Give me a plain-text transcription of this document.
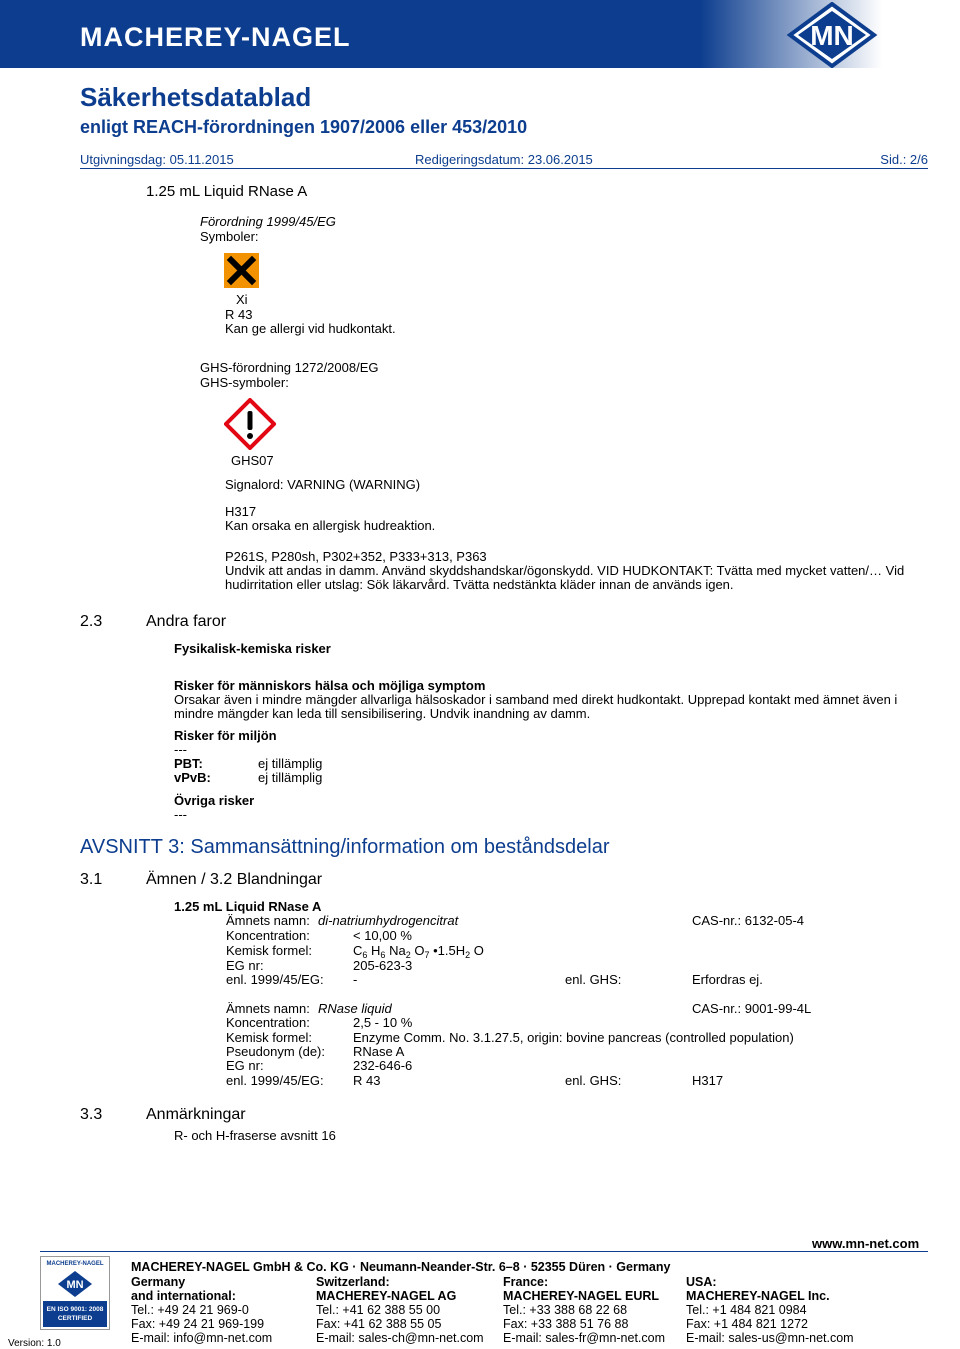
MACHEREY-NAGEL	MN
Säkerhetsdatablad
enligt REACH-förordningen 1907/2006 eller 453/2010
Utgivningsdag: 05.11.2015	Redigeringsdatum: 23.06.2015	Sid.: 2/6
1.25 mL Liquid RNase A
Förordning 1999/45/EG
Symboler:
Xi
R 43
Kan ge allergi vid hudkontakt.
GHS-förordning 1272/2008/EG
GHS-symboler:
GHS07
Signalord: VARNING (WARNING)
H317
Kan orsaka en allergisk hudreaktion.
P261S, P280sh, P302+352, P333+313, P363
Undvik att andas in damm. Använd skyddshandskar/ögonskydd. VID HUDKONTAKT: Tvätta med mycket vatten/… Vid
hudirritation eller utslag: Sök läkarvård. Tvätta nedstänkta kläder innan de används igen.
2.3	Andra faror
Fysikalisk-kemiska risker
Risker för människors hälsa och möjliga symptom
Orsakar även i mindre mängder allvarliga hälsoskador i samband med direkt hudkontakt. Upprepad kontakt med ämnet även i
mindre mängder kan leda till sensibilisering. Undvik inandning av damm.
Risker för miljön
---
PBT:	ej tillämplig
vPvB:	ej tillämplig
Övriga risker
---
AVSNITT 3: Sammansättning/information om beståndsdelar
3.1	Ämnen / 3.2 Blandningar
1.25 mL Liquid RNase A
Ämnets namn: di-natriumhydrogencitrat	CAS-nr.: 6132-05-4
Koncentration:	< 10,00 %
Kemisk formel:	$C_6$ $H_6$ $Na_2$ $O_7$ $•1.5H_2$ O
EG nr:	205-623-3
enl. 1999/45/EG: -	enl. GHS:	Erfordras ej.
Ämnets namn: RNase liquid	CAS-nr.: 9001-99-4L
Koncentration:	2,5 - 10 %
Kemisk formel:	Enzyme Comm. No. 3.1.27.5, origin: bovine pancreas (controlled population)
Pseudonym (de): RNase A
EG nr:	232-646-6
enl. 1999/45/EG: R 43	enl. GHS:	H317
3.3	Anmärkningar
R- och H-fraserse avsnitt 16
www.mn-net.com
MACHEREY-NAGEL
MN
EN ISO 9001: 2008
CERTIFIED
Version: 1.0
MACHEREY-NAGEL GmbH & Co. KG · Neumann-Neander-Str. 6–8 · 52355 Düren · Germany
Germany
and international:
Tel.: +49 24 21 969-0
Fax: +49 24 21 969-199
E-mail: info@mn-net.com
Switzerland:
MACHEREY-NAGEL AG
Tel.: +41 62 388 55 00
Fax: +41 62 388 55 05
E-mail: sales-ch@mn-net.com
France:
MACHEREY-NAGEL EURL
Tel.: +33 388 68 22 68
Fax: +33 388 51 76 88
E-mail: sales-fr@mn-net.com
USA:
MACHEREY-NAGEL Inc.
Tel.: +1 484 821 0984
Fax: +1 484 821 1272
E-mail: sales-us@mn-net.com
